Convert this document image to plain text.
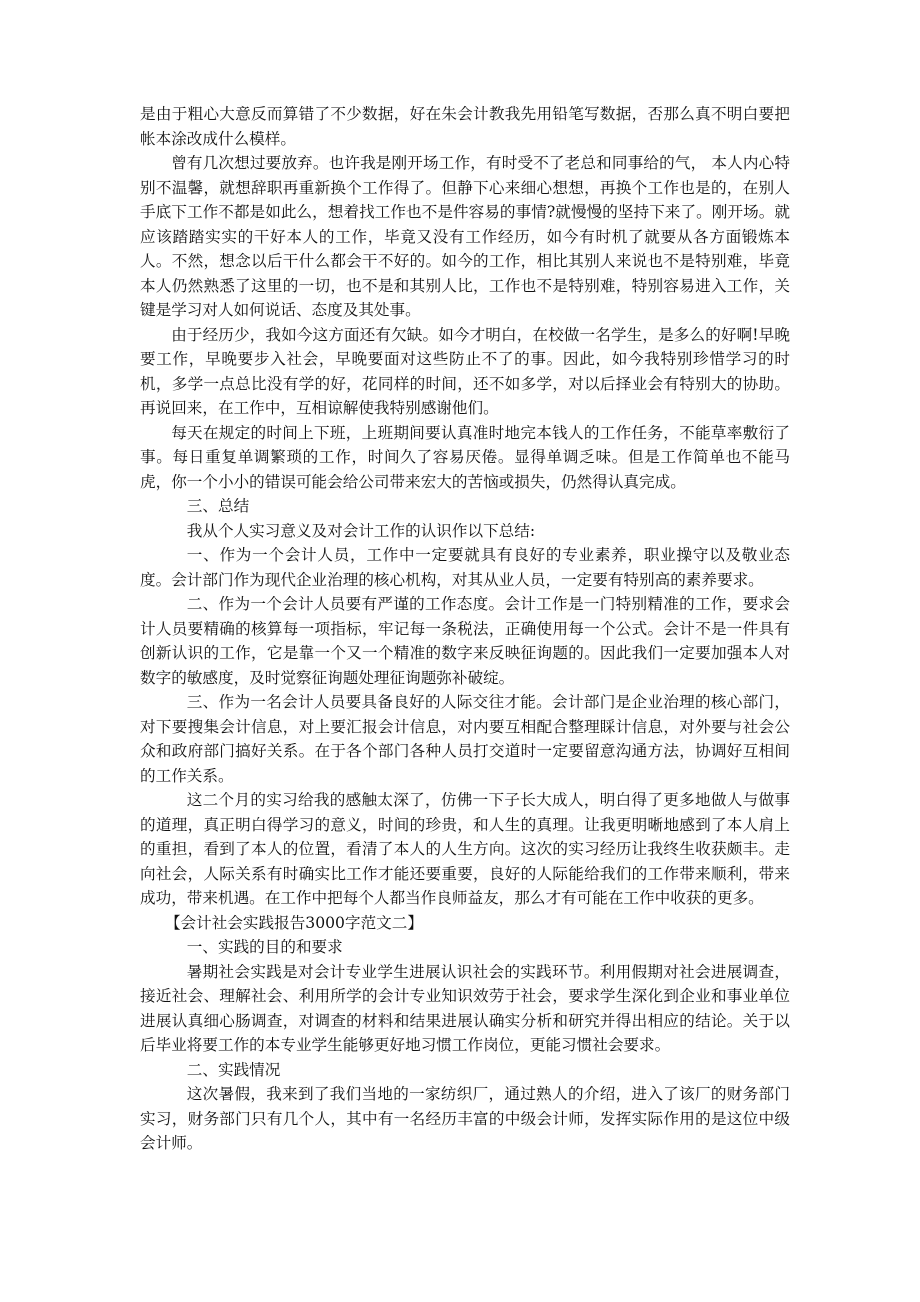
是由于粗心大意反而算错了不少数据，好在朱会计教我先用铅笔写数据，否那么真不明白要把帐本涂改成什么模样。

曾有几次想过要放弃。也许我是刚开场工作，有时受不了老总和同事给的气， 本人内心特别不温馨，就想辞职再重新换个工作得了。但静下心来细心想想，再换个工作也是的，在别人手底下工作不都是如此么，想着找工作也不是件容易的事情?就慢慢的坚持下来了。刚开场。就应该踏踏实实的干好本人的工作，毕竟又没有工作经历，如今有时机了就要从各方面锻炼本人。不然，想念以后干什么都会干不好的。如今的工作，相比其别人来说也不是特别难，毕竟本人仍然熟悉了这里的一切，也不是和其别人比，工作也不是特别难，特别容易进入工作，关键是学习对人如何说话、态度及其处事。

由于经历少，我如今这方面还有欠缺。如今才明白，在校做一名学生，是多么的好啊!早晚要工作，早晚要步入社会，早晚要面对这些防止不了的事。因此，如今我特别珍惜学习的时机，多学一点总比没有学的好，花同样的时间，还不如多学，对以后择业会有特别大的协助。再说回来，在工作中，互相谅解使我特别感谢他们。

每天在规定的时间上下班，上班期间要认真准时地完本钱人的工作任务，不能草率敷衍了事。每日重复单调繁琐的工作，时间久了容易厌倦。显得单调乏味。但是工作简单也不能马虎，你一个小小的错误可能会给公司带来宏大的苦恼或损失，仍然得认真完成。

三、总结

我从个人实习意义及对会计工作的认识作以下总结:

一、作为一个会计人员，工作中一定要就具有良好的专业素养，职业操守以及敬业态度。会计部门作为现代企业治理的核心机构，对其从业人员，一定要有特别高的素养要求。

二、作为一个会计人员要有严谨的工作态度。会计工作是一门特别精准的工作，要求会计人员要精确的核算每一项指标，牢记每一条税法，正确使用每一个公式。会计不是一件具有创新认识的工作，它是靠一个又一个精准的数字来反映征询题的。因此我们一定要加强本人对数字的敏感度，及时觉察征询题处理征询题弥补破绽。

三、作为一名会计人员要具备良好的人际交往才能。会计部门是企业治理的核心部门，对下要搜集会计信息，对上要汇报会计信息，对内要互相配合整理睬计信息，对外要与社会公众和政府部门搞好关系。在于各个部门各种人员打交道时一定要留意沟通方法，协调好互相间的工作关系。

这二个月的实习给我的感触太深了，仿佛一下子长大成人，明白得了更多地做人与做事的道理，真正明白得学习的意义，时间的珍贵，和人生的真理。让我更明晰地感到了本人肩上的重担，看到了本人的位置，看清了本人的人生方向。这次的实习经历让我终生收获颇丰。走向社会，人际关系有时确实比工作才能还要重要，良好的人际能给我们的工作带来顺利，带来成功，带来机遇。在工作中把每个人都当作良师益友，那么才有可能在工作中收获的更多。

【会计社会实践报告3000字范文二】

一、实践的目的和要求

暑期社会实践是对会计专业学生进展认识社会的实践环节。利用假期对社会进展调查，接近社会、理解社会、利用所学的会计专业知识效劳于社会，要求学生深化到企业和事业单位进展认真细心肠调查，对调查的材料和结果进展认确实分析和研究并得出相应的结论。关于以后毕业将要工作的本专业学生能够更好地习惯工作岗位，更能习惯社会要求。

二、实践情况

这次暑假，我来到了我们当地的一家纺织厂，通过熟人的介绍，进入了该厂的财务部门实习，财务部门只有几个人，其中有一名经历丰富的中级会计师，发挥实际作用的是这位中级会计师。
